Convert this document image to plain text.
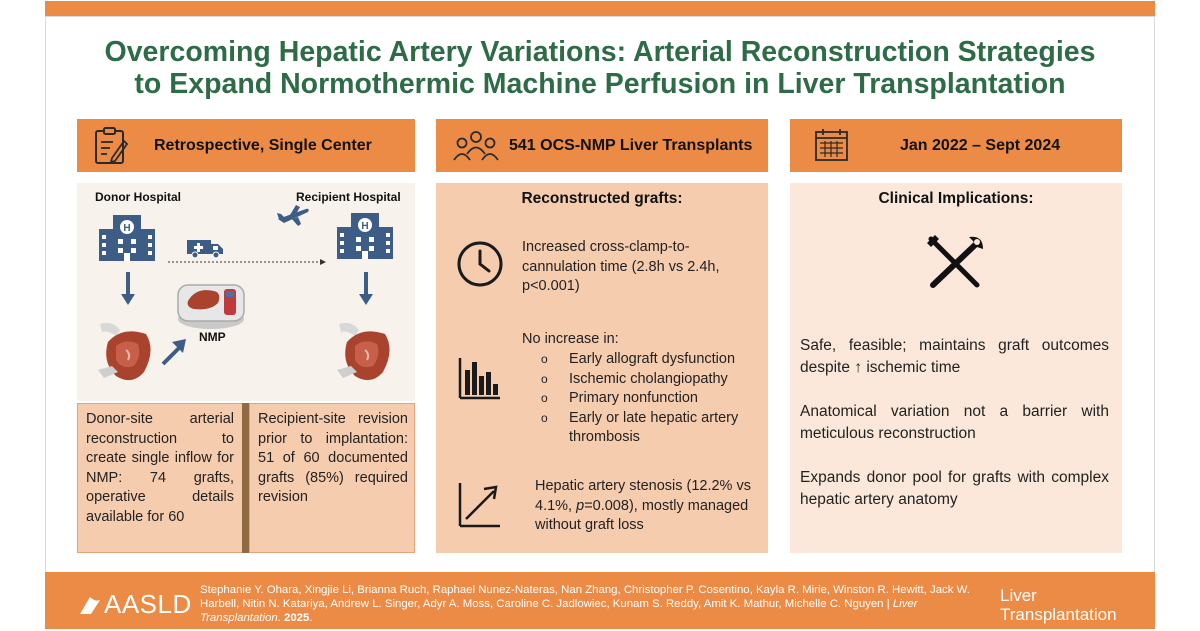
Overcoming Hepatic Artery Variations: Arterial Reconstruction Strategies
to Expand Normothermic Machine Perfusion in Liver Transplantation
Retrospective, Single Center	541 OCS-NMP Liver Transplants	Jan 2022 – Sept 2024
Donor Hospital	Recipient Hospital
H	H
NMP

Donor-site arterial reconstruction to create single inflow for NMP: 74 grafts, operative details available for 60

Recipient-site revision prior to implantation: 51 of 60 documented grafts (85%) required revision

Reconstructed grafts:

Increased cross-clamp-to-cannulation time (2.8h vs 2.4h, p<0.001)

No increase in:

o Early allograft dysfunction
o Ischemic cholangiopathy
o Primary nonfunction
o Early or late hepatic artery thrombosis

Hepatic artery stenosis (12.2% vs 4.1%, p=0.008), mostly managed without graft loss

Clinical Implications:

Safe, feasible; maintains graft outcomes despite ↑ ischemic time

Anatomical variation not a barrier with meticulous reconstruction

Expands donor pool for grafts with complex hepatic artery anatomy

AASLD Stephanie Y. Ohara, Xingjie Li, Brianna Ruch, Raphael Nunez-Nateras, Nan Zhang, Christopher P. Cosentino, Kayla R. Mirie, Winston R. Hewitt, Jack W. Harbell, Nitin N. Katariya, Andrew L. Singer, Adyr A. Moss, Caroline C. Jadlowiec, Kunam S. Reddy, Amit K. Mathur, Michelle C. Nguyen | Liver Transplantation. 2025.

Liver
Transplantation
